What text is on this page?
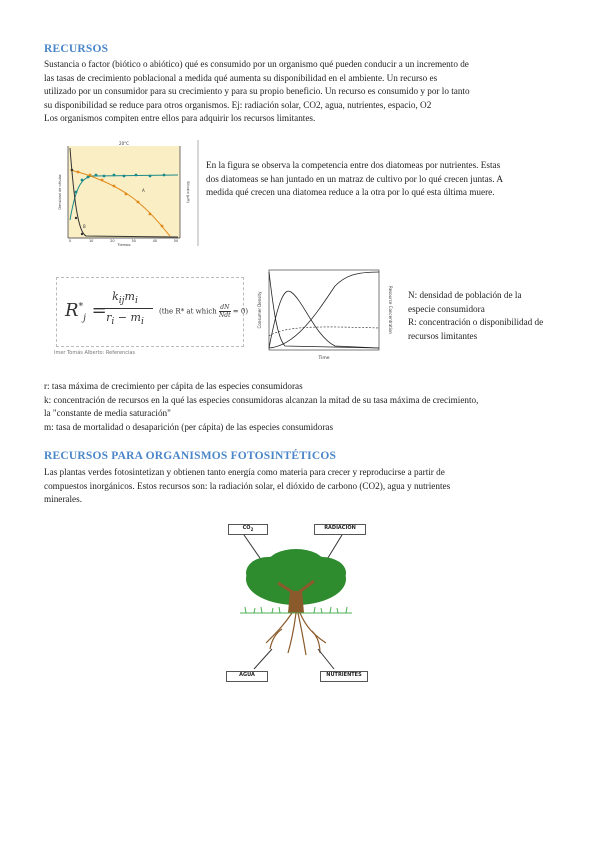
RECURSOS

Sustancia o factor (biótico o abiótico) qué es consumido por un organismo qué pueden conducir a un incremento de
las tasas de crecimiento poblacional a medida qué aumenta su disponibilidad en el ambiente. Un recurso es
utilizado por un consumidor para su crecimiento y para su propio beneficio. Un recurso es consumido y por lo tanto
su disponibilidad se reduce para otros organismos. Ej: radiación solar, CO2, agua, nutrientes, espacio, O2
Los organismos compiten entre ellos para adquirir los recursos limitantes.

20°C
Densidad de células	Silicato (µM)
0	10	20	30	40	50
Tiempo
B
A
En la figura se observa la competencia entre dos diatomeas por nutrientes. Estas
dos diatomeas se han juntado en un matraz de cultivo por lo qué crecen juntas. A
medida qué crecen una diatomea reduce a la otra por lo qué esta última muere.
$R^*_j$ =
$k_{ij}m_i$
$r_i - m_i$
(the R* at which dN
Ndt = 0)
Imer Tomás Alberto: Referencias
Consumer Density	Resource Concentration
Time
N: densidad de población de la
especie consumidora
R: concentración o disponibilidad de
recursos limitantes
r: tasa máxima de crecimiento per cápita de las especies consumidoras
k: concentración de recursos en la qué las especies consumidoras alcanzan la mitad de su tasa máxima de crecimiento,
la "constante de media saturación"
m: tasa de mortalidad o desaparición (per cápita) de las especies consumidoras
RECURSOS PARA ORGANISMOS FOTOSINTÉTICOS

Las plantas verdes fotosintetizan y obtienen tanto energía como materia para crecer y reproducirse a partir de
compuestos inorgánicos. Estos recursos son: la radiación solar, el dióxido de carbono (CO2), agua y nutrientes
minerales.

$CO_2$	RADIACIÓN
AGUA	NUTRIENTES
